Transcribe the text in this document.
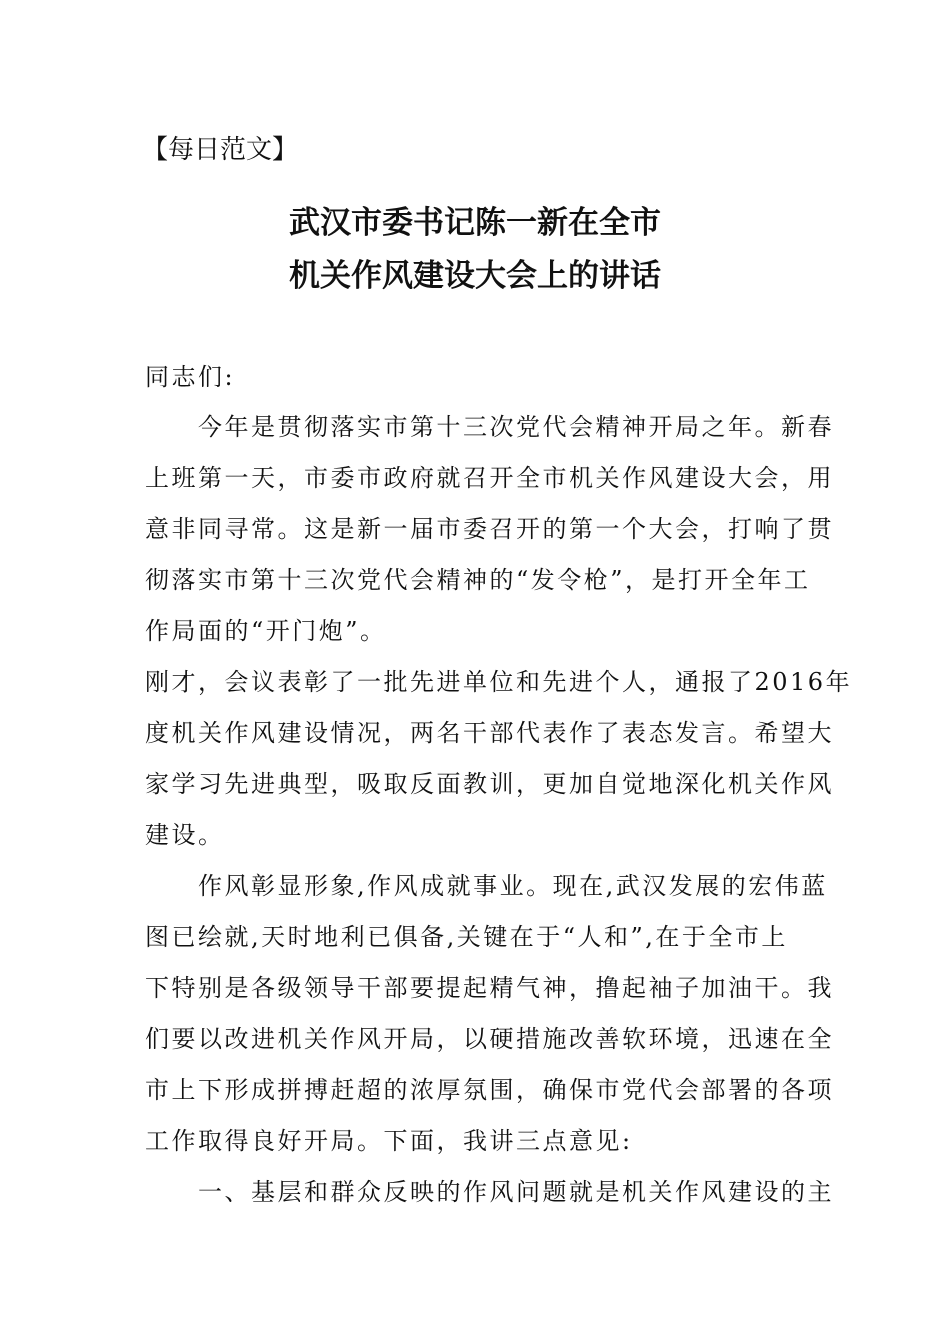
【每日范文】
武汉市委书记陈一新在全市
机关作风建设大会上的讲话
同志们:
　　今年是贯彻落实市第十三次党代会精神开局之年。新春
上班第一天，市委市政府就召开全市机关作风建设大会，用
意非同寻常。这是新一届市委召开的第一个大会，打响了贯
彻落实市第十三次党代会精神的“发令枪”，是打开全年工
作局面的“开门炮”。
刚才，会议表彰了一批先进单位和先进个人，通报了2016年
度机关作风建设情况，两名干部代表作了表态发言。希望大
家学习先进典型，吸取反面教训，更加自觉地深化机关作风
建设。
　　作风彰显形象,作风成就事业。现在,武汉发展的宏伟蓝
图已绘就,天时地利已俱备,关键在于“人和”,在于全市上
下特别是各级领导干部要提起精气神，撸起袖子加油干。我
们要以改进机关作风开局，以硬措施改善软环境，迅速在全
市上下形成拼搏赶超的浓厚氛围，确保市党代会部署的各项
工作取得良好开局。下面，我讲三点意见:
　　一、基层和群众反映的作风问题就是机关作风建设的主
